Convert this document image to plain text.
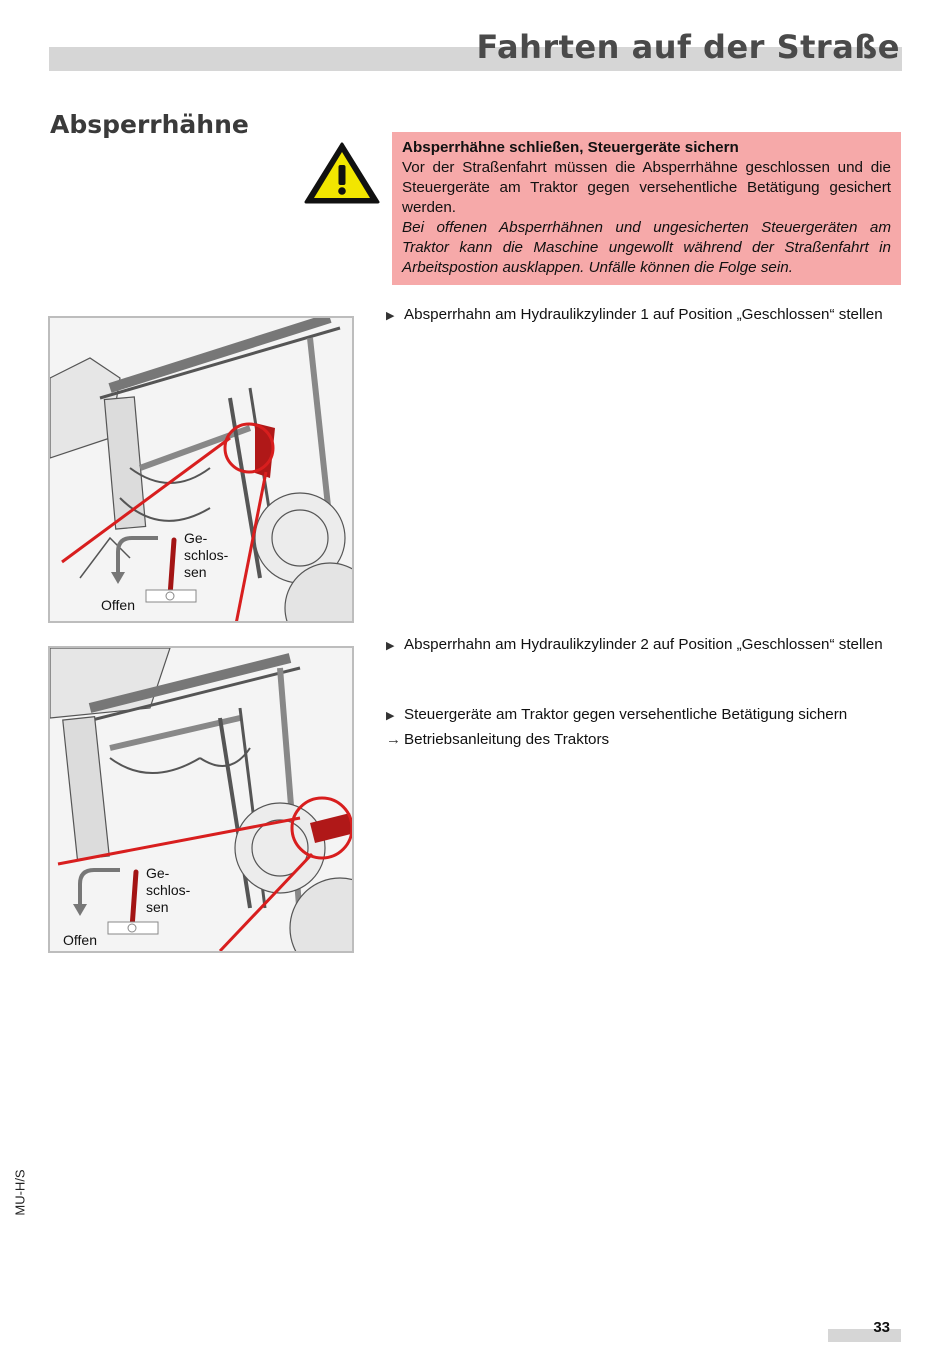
Fahrten auf der Straße
Absperrhähne
Absperrhähne schließen, Steuergeräte sichern
Vor der Straßenfahrt müssen die Absperrhähne geschlossen und die Steuergeräte am Traktor gegen versehentliche Betätigung gesichert werden.
Bei offenen Absperrhähnen und ungesicherten Steuergeräten am Traktor kann die Maschine ungewollt während der Straßenfahrt in Arbeitspostion ausklappen. Unfälle können die Folge sein.
Ge-
schlos-
sen
Offen
Ge-
schlos-
sen
Offen
▶ Absperrhahn am Hydraulikzylinder 1 auf Position „Geschlossen“ stellen
▶ Absperrhahn am Hydraulikzylinder 2 auf Position „Geschlossen“ stellen
▶ Steuergeräte am Traktor gegen versehentliche Betätigung sichern
→ Betriebsanleitung des Traktors
MU-H/S
33
